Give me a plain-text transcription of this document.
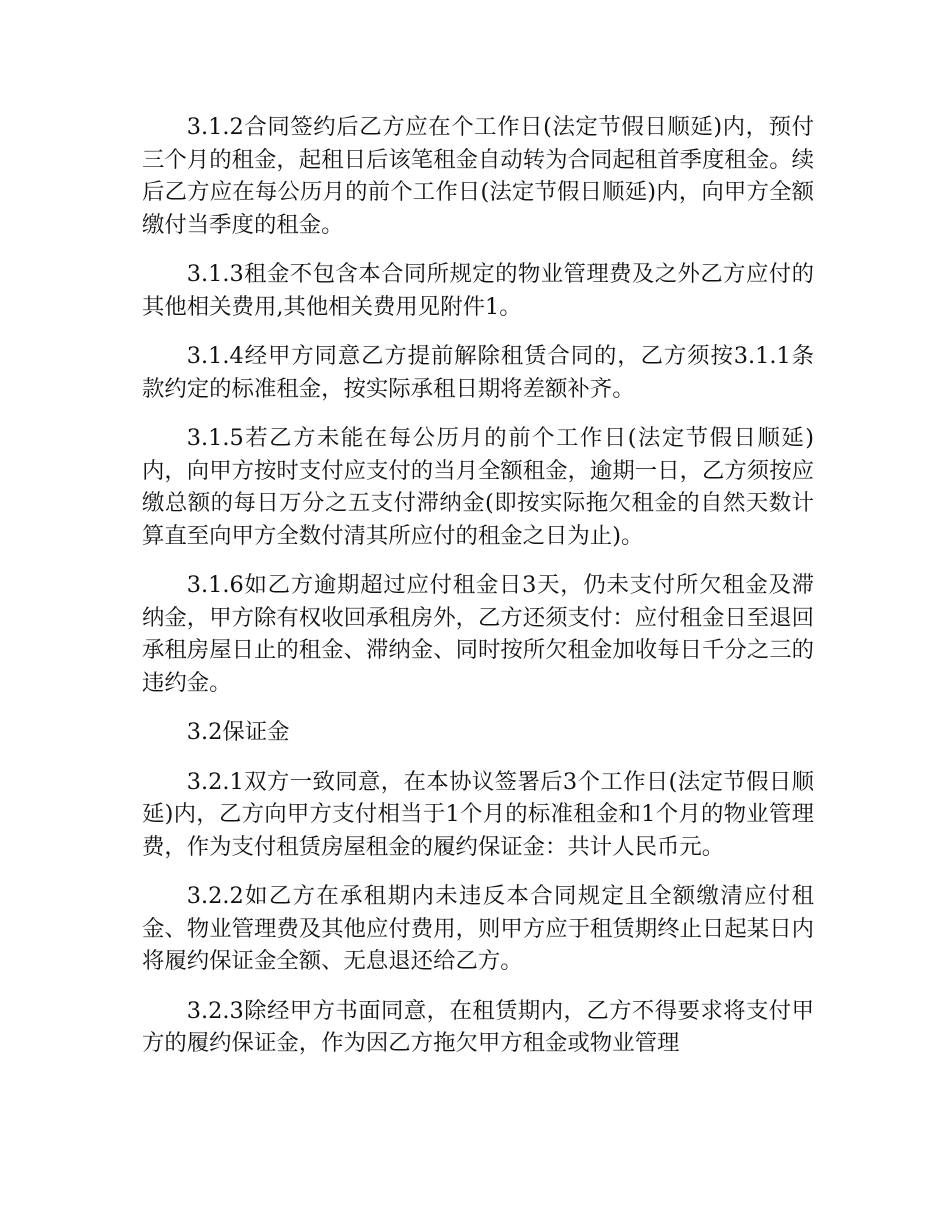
3.1.2合同签约后乙方应在个工作日(法定节假日顺延)内，预付三个月的租金，起租日后该笔租金自动转为合同起租首季度租金。续后乙方应在每公历月的前个工作日(法定节假日顺延)内，向甲方全额缴付当季度的租金。

3.1.3租金不包含本合同所规定的物业管理费及之外乙方应付的其他相关费用,其他相关费用见附件1。

3.1.4经甲方同意乙方提前解除租赁合同的，乙方须按3.1.1条款约定的标准租金，按实际承租日期将差额补齐。

3.1.5若乙方未能在每公历月的前个工作日(法定节假日顺延)内，向甲方按时支付应支付的当月全额租金，逾期一日，乙方须按应缴总额的每日万分之五支付滞纳金(即按实际拖欠租金的自然天数计算直至向甲方全数付清其所应付的租金之日为止)。

3.1.6如乙方逾期超过应付租金日3天，仍未支付所欠租金及滞纳金，甲方除有权收回承租房外，乙方还须支付：应付租金日至退回承租房屋日止的租金、滞纳金、同时按所欠租金加收每日千分之三的违约金。

3.2保证金

3.2.1双方一致同意，在本协议签署后3个工作日(法定节假日顺延)内，乙方向甲方支付相当于1个月的标准租金和1个月的物业管理费，作为支付租赁房屋租金的履约保证金：共计人民币元。

3.2.2如乙方在承租期内未违反本合同规定且全额缴清应付租金、物业管理费及其他应付费用，则甲方应于租赁期终止日起某日内将履约保证金全额、无息退还给乙方。

3.2.3除经甲方书面同意，在租赁期内，乙方不得要求将支付甲方的履约保证金，作为因乙方拖欠甲方租金或物业管理
